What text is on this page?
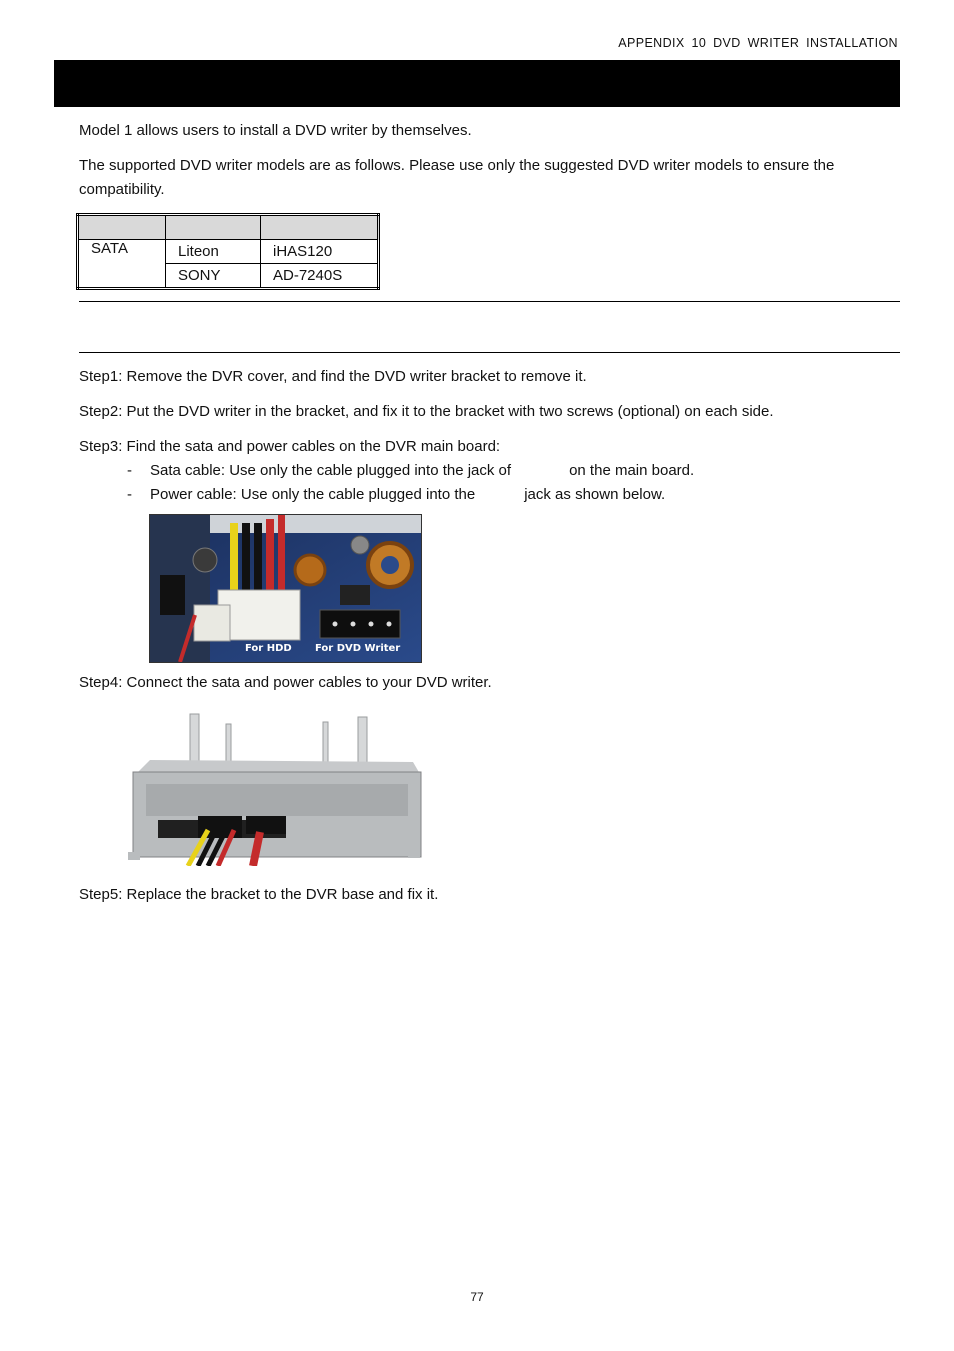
APPENDIX 10 DVD WRITER INSTALLATION
Model 1 allows users to install a DVD writer by themselves.
The supported DVD writer models are as follows. Please use only the suggested DVD writer models to ensure the
compatibility.

SATA	Liteon	iHAS120
	SONY	AD-7240S
Step1: Remove the DVR cover, and find the DVD writer bracket to remove it.
Step2: Put the DVD writer in the bracket, and fix it to the bracket with two screws (optional) on each side.
Step3: Find the sata and power cables on the DVR main board:
- Sata cable: Use only the cable plugged into the jack of	on the main board.
- Power cable: Use only the cable plugged into the	jack as shown below.
For HDD For DVD Writer
Step4: Connect the sata and power cables to your DVD writer.
Step5: Replace the bracket to the DVR base and fix it.
77
